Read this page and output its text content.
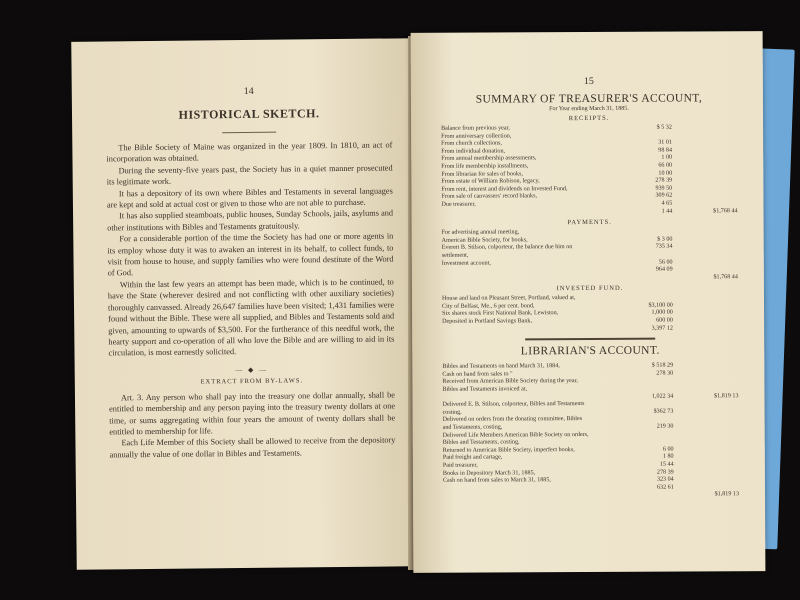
14
HISTORICAL SKETCH.

The Bible Society of Maine was organized in the year 1809. In 1810, an act of incorporation was obtained.

During the seventy-five years past, the Society has in a quiet manner prosecuted its legitimate work.

It has a depository of its own where Bibles and Testaments in several languages are kept and sold at actual cost or given to those who are not able to purchase.

It has also supplied steamboats, public houses, Sunday Schools, jails, asylums and other institutions with Bibles and Testaments gratuitously.

For a considerable portion of the time the Society has had one or more agents in its employ whose duty it was to awaken an interest in its behalf, to collect funds, to visit from house to house, and supply families who were found destitute of the Word of God.

Within the last few years an attempt has been made, which is to be continued, to have the State (wherever desired and not conflicting with other auxiliary societies) thoroughly canvassed. Already 26,647 families have been visited; 1,431 families were found without the Bible. These were all supplied, and Bibles and Testaments sold and given, amounting to upwards of $3,500. For the furtherance of this needful work, the hearty support and co-operation of all who love the Bible and are willing to aid in its circulation, is most earnestly solicited.

— ◆ —
EXTRACT FROM BY-LAWS.

Art. 3. Any person who shall pay into the treasury one dollar annually, shall be entitled to membership and any person paying into the treasury twenty dollars at one time, or sums aggregating within four years the amount of twenty dollars shall be entitled to membership for life.

Each Life Member of this Society shall be allowed to receive from the depository annually the value of one dollar in Bibles and Testaments.

15
SUMMARY OF TREASURER'S ACCOUNT,
For Year ending March 31, 1885.
RECEIPTS.
Balance from previous year,	$ 5 32	
From anniversary collection,		
From church collections,	31 01	
From individual donation,	98 84	
From annual membership assessments,	1 00	
From life membership installments,	66 00	
From librarian for sales of books,	10 00	
From estate of William Robison, legacy,	278 39	
From rent, interest and dividends on Invested Fund,	939 50	
From sale of canvassers' record blanks,	309 62	
Due treasurer,	4 65	
	1 44	$1,768 44
PAYMENTS.
For advertising annual meeting,		
American Bible Society, for books,	$ 3 00	
Everett B. Stilson, colporteur, the balance due him on	735 34	
settlement,		
Investment account,	56 00	
	964 09	
		$1,768 44
INVESTED FUND.
House and land on Pleasant Street, Portland, valued at,		
City of Belfast, Me., 6 per cent. bond,	$3,100 00	
Six shares stock First National Bank, Lewiston,	1,000 00	
Deposited in Portland Savings Bank,	600 00	
	3,397 12	
LIBRARIAN'S ACCOUNT.
Bibles and Testaments on hand March 31, 1884,	$ 518 29	
Cash on hand from sales to "	278 30	
Received from American Bible Society during the year,		
Bibles and Testaments invoiced at,		
	1,022 34	$1,819 13
Delivered E. B. Stilson, colporteur, Bibles and Testaments		
costing,	$362 73	
Delivered on orders from the donating committee, Bibles		
and Testaments, costing,	219 30	
Delivered Life Members American Bible Society on orders,		
Bibles and Testaments, costing,		
Returned to American Bible Society, imperfect books,	6 00	
Paid freight and cartage,	1 80	
Paid treasurer,	15 44	
Books in Depository March 31, 1885,	278 39	
Cash on hand from sales to March 31, 1885,	323 04	
	632 61	
		$1,819 13
